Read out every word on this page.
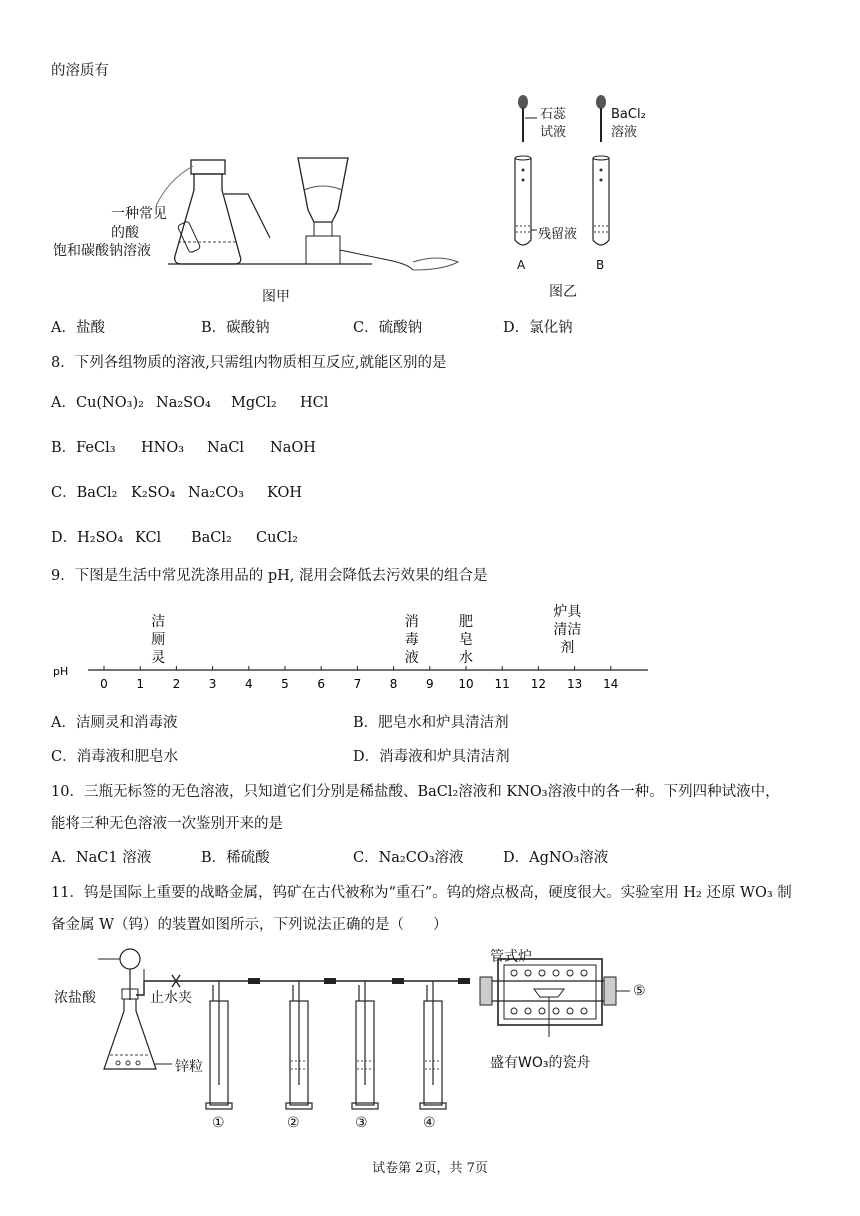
的溶质有
一种常见
的酸
饱和碳酸钠溶液
图甲
石蕊
试液
BaCl₂
溶液
残留液
A	B
图乙
A．盐酸	B．碳酸钠	C．硫酸钠	D．氯化钠
8．下列各组物质的溶液,只需组内物质相互反应,就能区别的是
A．Cu(NO₃)₂ Na₂SO₄ MgCl₂ HCl
B．FeCl₃ HNO₃ NaCl NaOH
C．BaCl₂ K₂SO₄ Na₂CO₃ KOH
D．H₂SO₄ KCl BaCl₂ CuCl₂
9．下图是生活中常见洗涤用品的 pH, 混用会降低去污效果的组合是
pH
0 1 2 3 4 5 6 7 8 9 10 11 12 13 14
洁
厕
灵
消
毒
液
肥
皂
水
炉具
清洁
剂
A．洁厕灵和消毒液	B．肥皂水和炉具清洁剂
C．消毒液和肥皂水	D．消毒液和炉具清洁剂
10．三瓶无标签的无色溶液，只知道它们分别是稀盐酸、BaCl₂溶液和 KNO₃溶液中的各一种。下列四种试液中，
能将三种无色溶液一次鉴别开来的是
A．NaC1 溶液	B．稀硫酸	C．Na₂CO₃溶液	D．AgNO₃溶液
11．钨是国际上重要的战略金属，钨矿在古代被称为“重石”。钨的熔点极高，硬度很大。实验室用 H₂ 还原 WO₃ 制
备金属 W（钨）的装置如图所示，下列说法正确的是（　　）
浓盐酸	止水夹
锌粒
管式炉
盛有WO₃的瓷舟
①	②	③	④
⑤
试卷第 2页，共 7页
